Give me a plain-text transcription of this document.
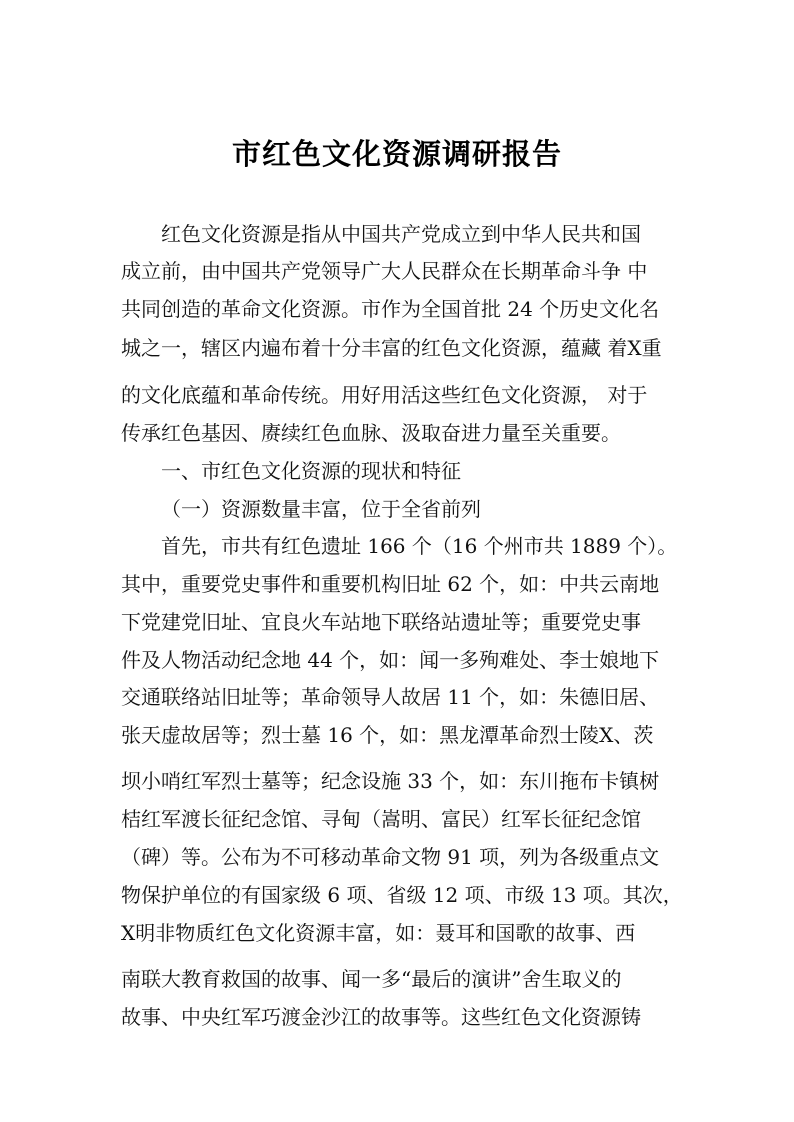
市红色文化资源调研报告
红色文化资源是指从中国共产党成立到中华人民共和国
成立前，由中国共产党领导广大人民群众在长期革命斗争 中
共同创造的革命文化资源。市作为全国首批 24 个历史文化名
城之一，辖区内遍布着十分丰富的红色文化资源，蕴藏 着X重
的文化底蕴和革命传统。用好用活这些红色文化资源， 对于
传承红色基因、赓续红色血脉、汲取奋进力量至关重要。
一、市红色文化资源的现状和特征
（一）资源数量丰富，位于全省前列
首先，市共有红色遗址 166 个（16 个州市共 1889 个）。
其中，重要党史事件和重要机构旧址 62 个，如：中共云南地
下党建党旧址、宜良火车站地下联络站遗址等；重要党史事
件及人物活动纪念地 44 个，如：闻一多殉难处、李士娘地下
交通联络站旧址等；革命领导人故居 11 个，如：朱德旧居、
张天虚故居等；烈士墓 16 个，如：黑龙潭革命烈士陵X、茨
坝小哨红军烈士墓等；纪念设施 33 个，如：东川拖布卡镇树
桔红军渡长征纪念馆、寻甸（嵩明、富民）红军长征纪念馆
（碑）等。公布为不可移动革命文物 91 项，列为各级重点文
物保护单位的有国家级 6 项、省级 12 项、市级 13 项。其次，
X明非物质红色文化资源丰富，如：聂耳和国歌的故事、西
南联大教育救国的故事、闻一多“最后的演讲”舍生取义的
故事、中央红军巧渡金沙江的故事等。这些红色文化资源铸
